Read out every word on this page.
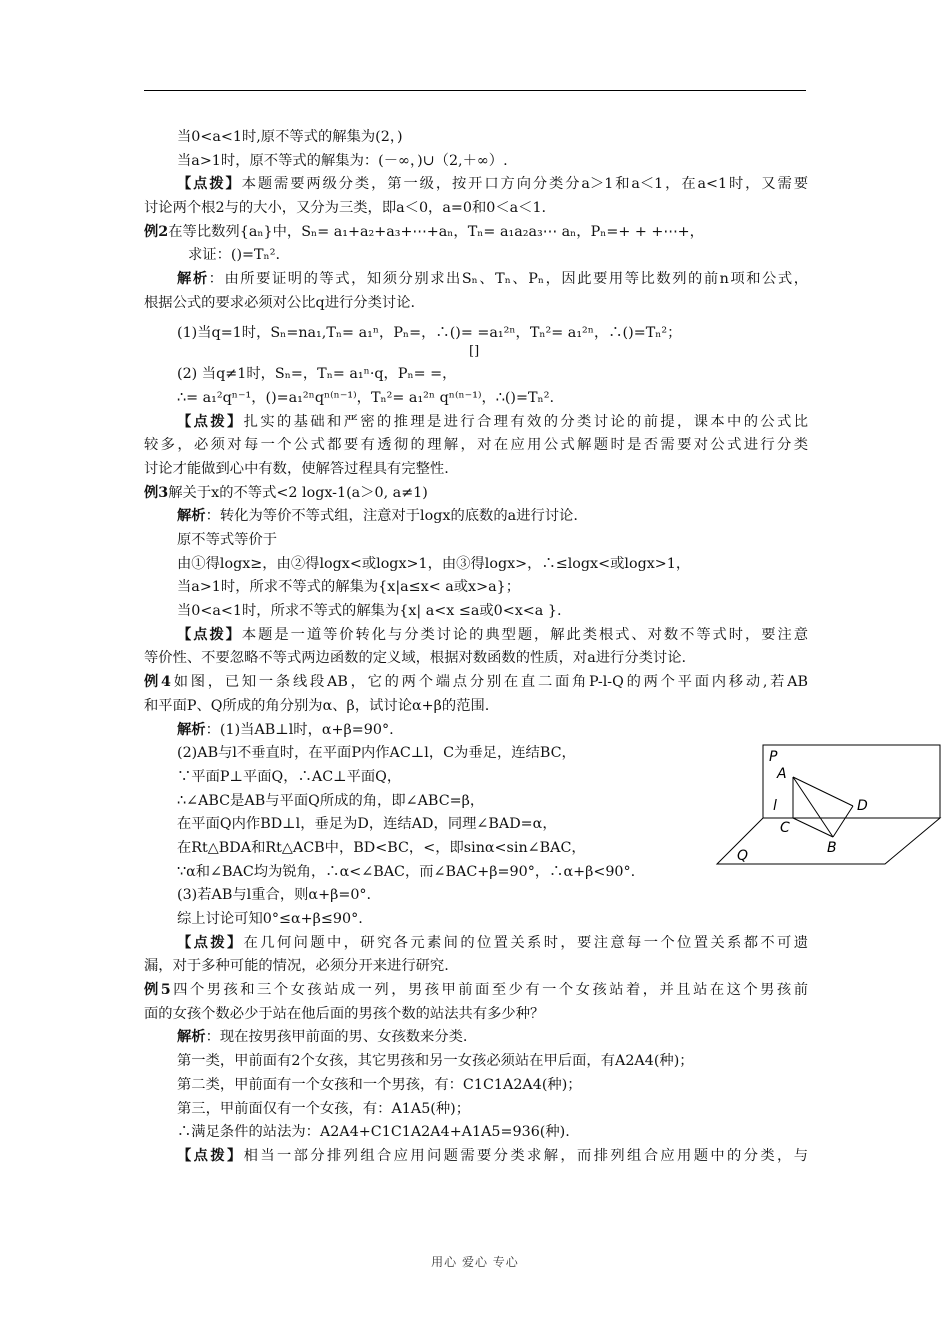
当0<a<1时,原不等式的解集为(2，)
当a>1时，原不等式的解集为：(－∞，)∪（2,＋∞）.
【点拨】本题需要两级分类，第一级，按开口方向分类分a＞1和a＜1，在a<1时，又需要
讨论两个根2与的大小，又分为三类，即a＜0，a=0和0＜a＜1.
例2在等比数列{aₙ}中，Sₙ= a₁+a₂+a₃+⋯+aₙ，Tₙ= a₁a₂a₃⋯ aₙ，Pₙ=+ + +⋯+，
求证：()=Tₙ².
解析：由所要证明的等式，知须分别求出Sₙ、Tₙ、Pₙ，因此要用等比数列的前n项和公式，
根据公式的要求必须对公比q进行分类讨论.
(1)当q=1时，Sₙ=na₁,Tₙ= a₁ⁿ，Pₙ=，∴()= =a₁²ⁿ，Tₙ²= a₁²ⁿ，∴()=Tₙ²；
[]
(2) 当q≠1时，Sₙ=，Tₙ= a₁ⁿ·q，Pₙ= =，
∴= a₁²qⁿ⁻¹，()=a₁²ⁿqⁿ⁽ⁿ⁻¹⁾，Tₙ²= a₁²ⁿ qⁿ⁽ⁿ⁻¹⁾，∴()=Tₙ².
【点拨】扎实的基础和严密的推理是进行合理有效的分类讨论的前提，课本中的公式比
较多，必须对每一个公式都要有透彻的理解，对在应用公式解题时是否需要对公式进行分类
讨论才能做到心中有数，使解答过程具有完整性.
例3解关于x的不等式<2 logx-1(a＞0, a≠1)
解析：转化为等价不等式组，注意对于logx的底数的a进行讨论.
原不等式等价于
由①得logx≥，由②得logx<或logx>1，由③得logx>，∴≤logx<或logx>1，
当a>1时，所求不等式的解集为{x|a≤x< a或x>a}；
当0<a<1时，所求不等式的解集为{x| a<x ≤a或0<x<a }.
【点拨】本题是一道等价转化与分类讨论的典型题，解此类根式、对数不等式时，要注意
等价性、不要忽略不等式两边函数的定义域，根据对数函数的性质，对a进行分类讨论.
例4如图，已知一条线段AB，它的两个端点分别在直二面角P-l-Q的两个平面内移动,若AB
和平面P、Q所成的角分别为α、β，试讨论α+β的范围.
解析：(1)当AB⊥l时，α+β=90°.
(2)AB与l不垂直时，在平面P内作AC⊥l，C为垂足，连结BC，
∵平面P⊥平面Q，∴AC⊥平面Q，
∴∠ABC是AB与平面Q所成的角，即∠ABC=β，
在平面Q内作BD⊥l，垂足为D，连结AD，同理∠BAD=α，
在Rt△BDA和Rt△ACB中，BD<BC，<，即sinα<sin∠BAC，
∵α和∠BAC均为锐角，∴α<∠BAC，而∠BAC+β=90°，∴α+β<90°.
(3)若AB与l重合，则α+β=0°.
综上讨论可知0°≤α+β≤90°.
【点拨】在几何问题中，研究各元素间的位置关系时，要注意每一个位置关系都不可遗
漏，对于多种可能的情况，必须分开来进行研究.
例5四个男孩和三个女孩站成一列，男孩甲前面至少有一个女孩站着，并且站在这个男孩前
面的女孩个数必少于站在他后面的男孩个数的站法共有多少种？
解析：现在按男孩甲前面的男、女孩数来分类.
第一类，甲前面有2个女孩，其它男孩和另一女孩必须站在甲后面，有A2A4(种)；
第二类，甲前面有一个女孩和一个男孩，有：C1C1A2A4(种)；
第三，甲前面仅有一个女孩，有：A1A5(种)；
∴满足条件的站法为：A2A4+C1C1A2A4+A1A5=936(种).
【点拨】相当一部分排列组合应用问题需要分类求解，而排列组合应用题中的分类，与
P
A
l
C
D
B
Q
用心 爱心 专心
